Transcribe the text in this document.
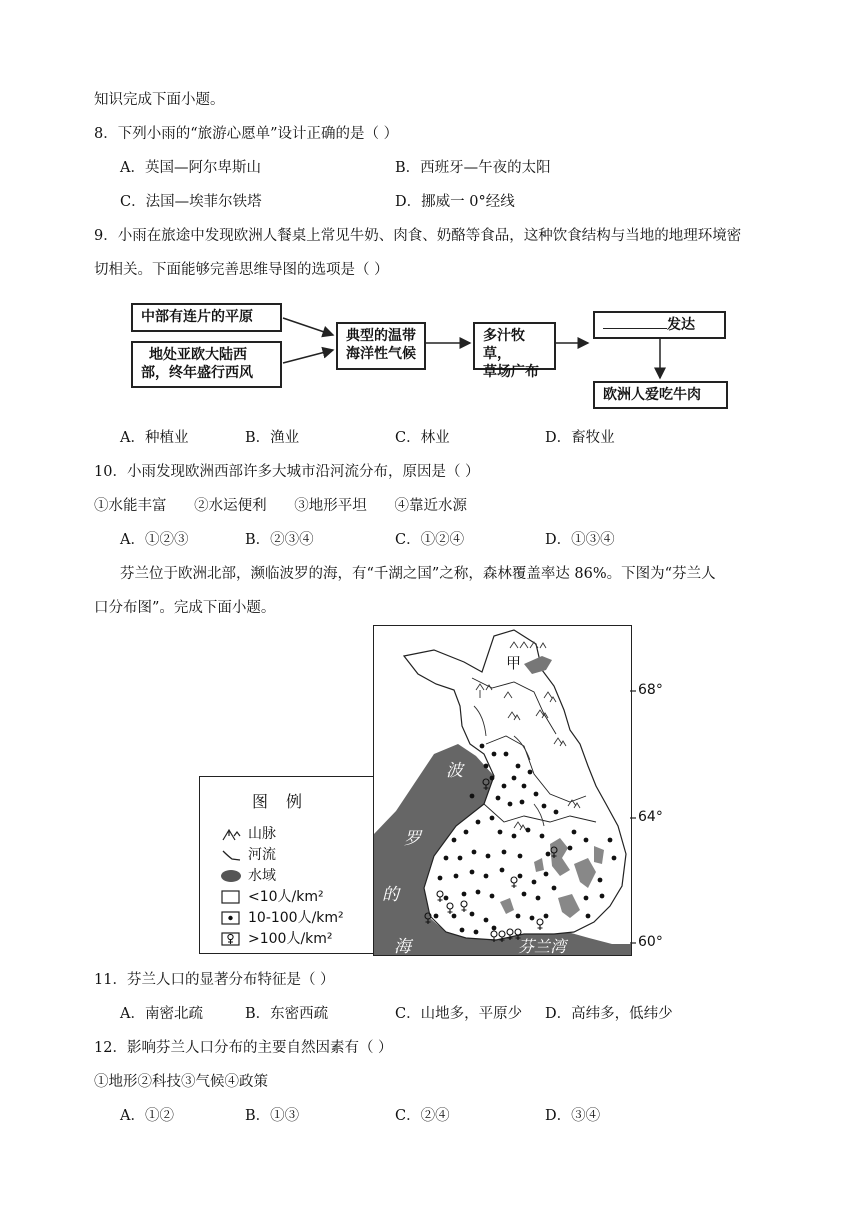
知识完成下面小题。
8．下列小雨的“旅游心愿单”设计正确的是（ ）
A．英国—阿尔卑斯山	B．西班牙—午夜的太阳
C．法国—埃菲尔铁塔	D．挪威一 0°经线
9．小雨在旅途中发现欧洲人餐桌上常见牛奶、肉食、奶酪等食品，这种饮食结构与当地的地理环境密
切相关。下面能够完善思维导图的选项是（ ）
中部有连片的平原
地处亚欧大陆西
部，终年盛行西风
典型的温带
海洋性气候
多汁牧草，
草场广布
发达
欧洲人爱吃牛肉
A．种植业	B．渔业	C．林业	D．畜牧业
10．小雨发现欧洲西部许多大城市沿河流分布，原因是（ ）
①水能丰富      ②水运便利      ③地形平坦      ④靠近水源
A．①②③	B．②③④	C．①②④	D．①③④
芬兰位于欧洲北部，濒临波罗的海，有“千湖之国”之称，森林覆盖率达 86%。下图为“芬兰人
口分布图”。完成下面小题。
图例
山脉
河流
水域
<10人/km²
10-100人/km²
>100人/km²
甲
波
罗
的
海	芬兰湾
68°
64°
60°
11．芬兰人口的显著分布特征是（ ）
A．南密北疏	B．东密西疏	C．山地多，平原少 D．高纬多，低纬少
12．影响芬兰人口分布的主要自然因素有（ ）
①地形②科技③气候④政策
A．①②	B．①③	C．②④	D．③④
